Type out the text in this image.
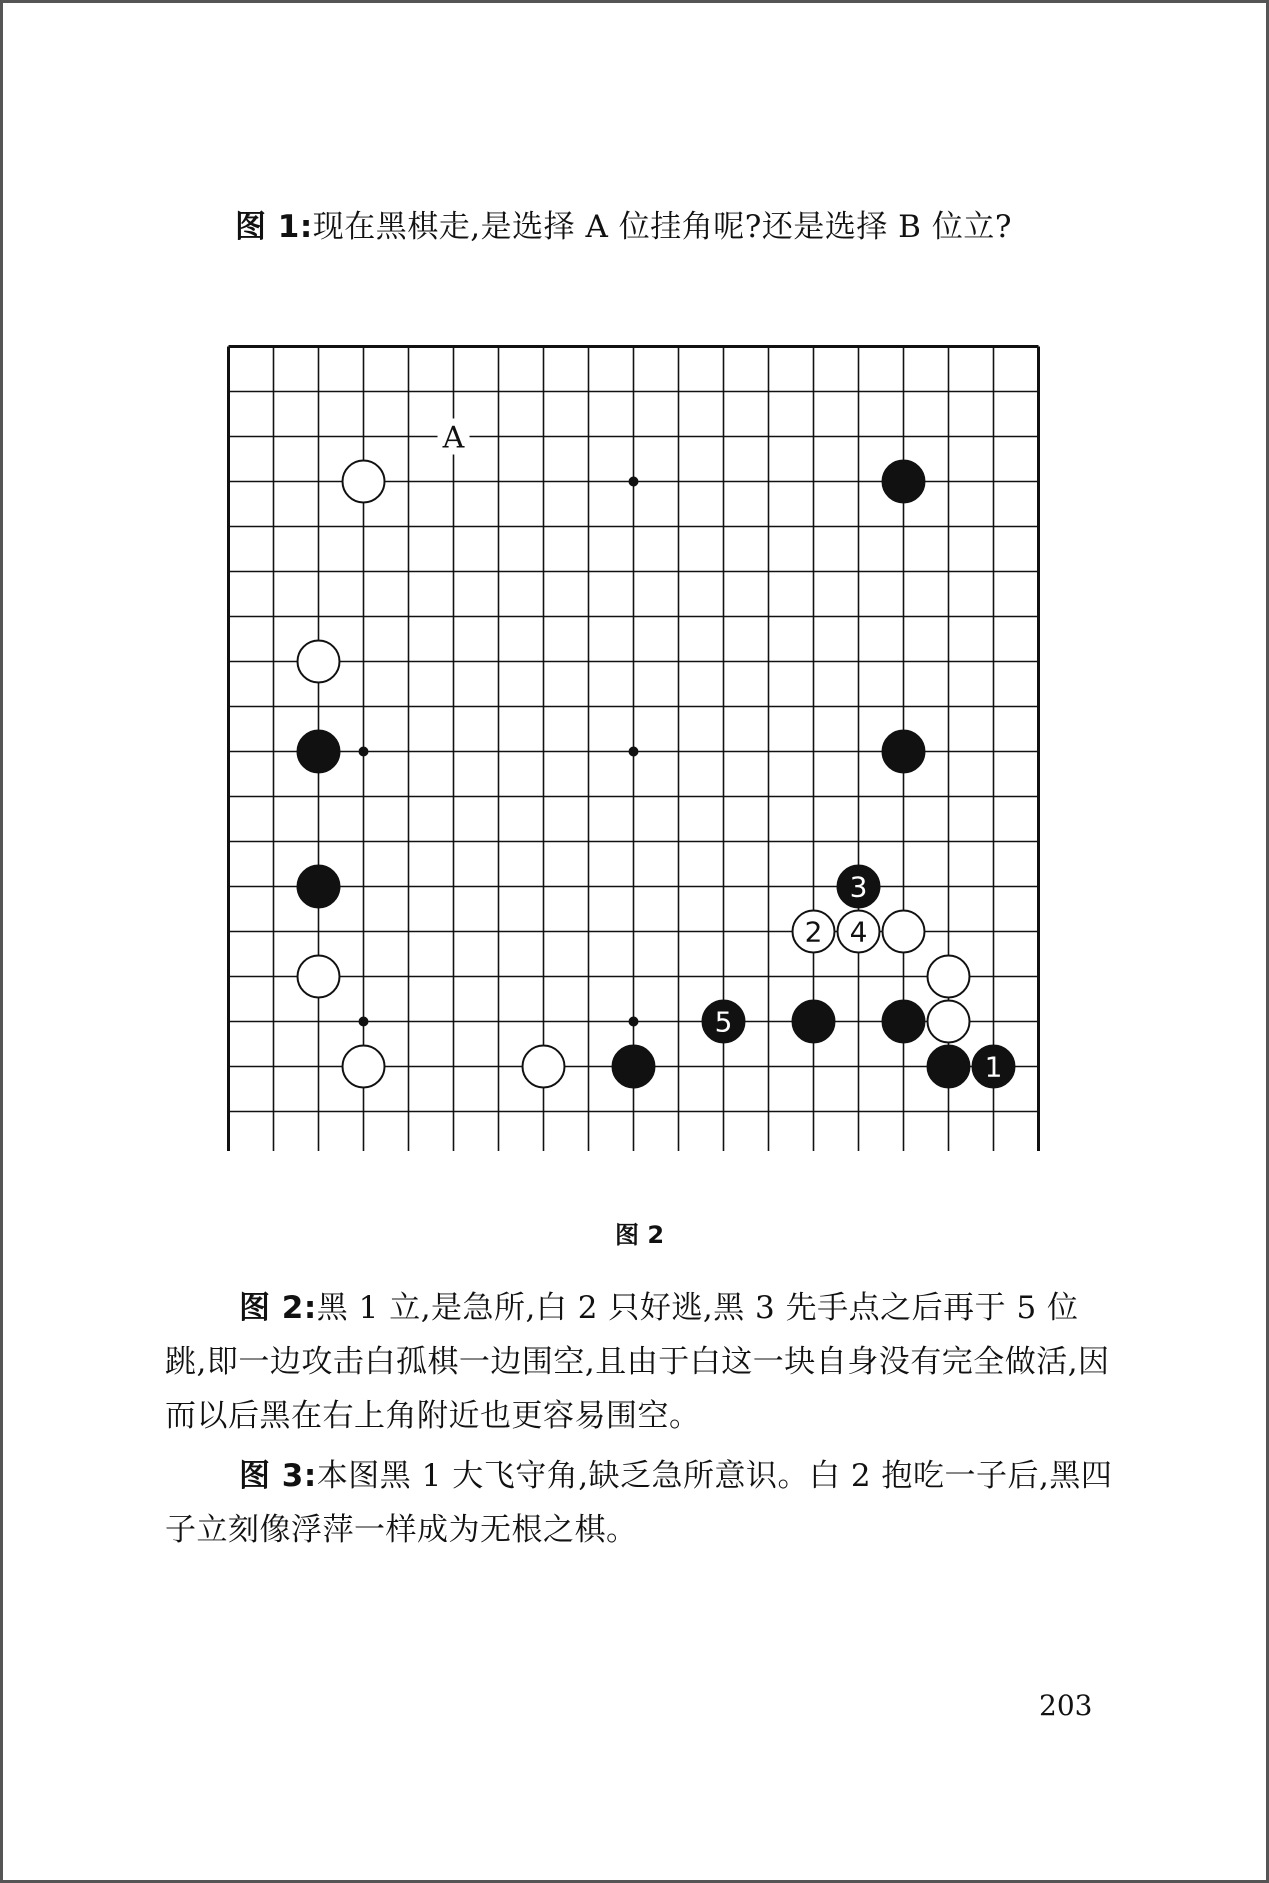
图 1:现在黑棋走,是选择 A 位挂角呢?还是选择 B 位立?
A
3
2 4
5
1
图 2

图 2:黑 1 立,是急所,白 2 只好逃,黑 3 先手点之后再于 5 位跳,即一边攻击白孤棋一边围空,且由于白这一块自身没有完全做活,因而以后黑在右上角附近也更容易围空。

图 3:本图黑 1 大飞守角,缺乏急所意识。白 2 抱吃一子后,黑四子立刻像浮萍一样成为无根之棋。

203
